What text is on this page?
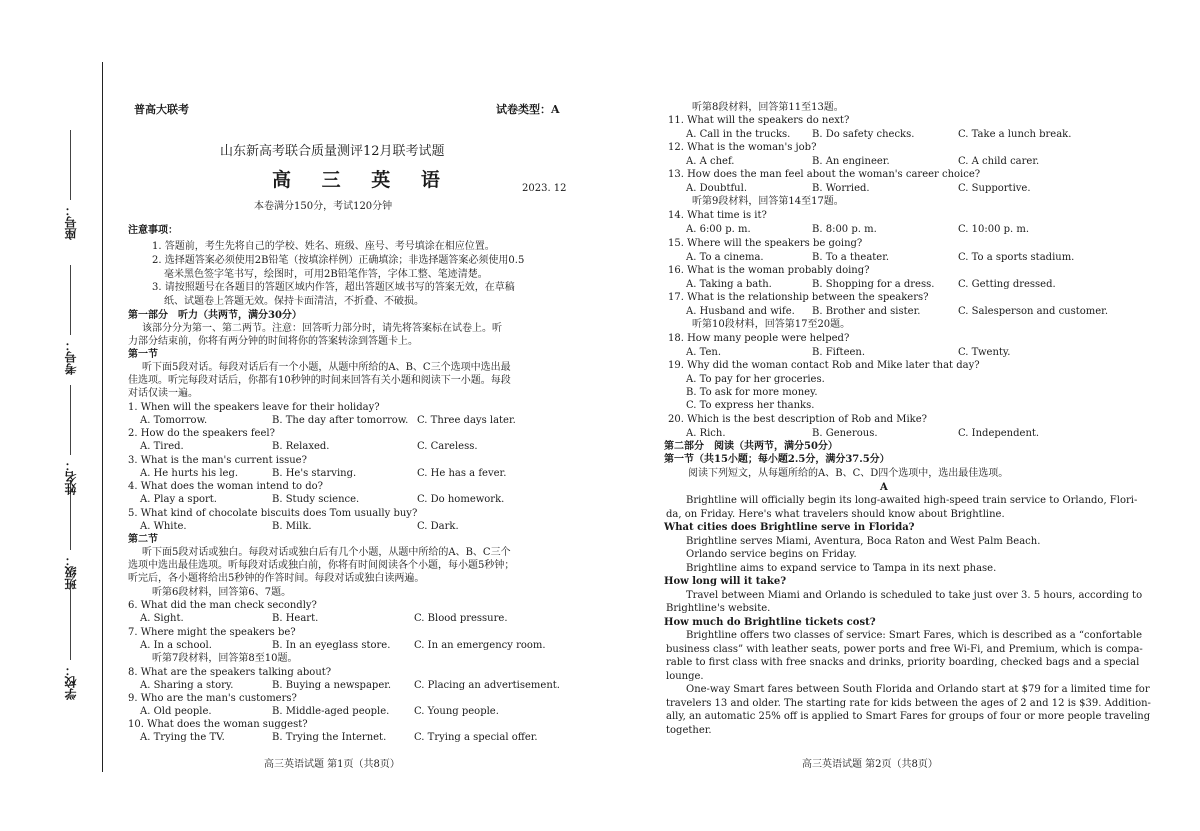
学校：
班级：
姓名：
考号：
座号：
普高大联考	试卷类型：A
山东新高考联合质量测评12月联考试题
高 三 英 语	2023. 12
本卷满分150分，考试120分钟
注意事项：
1. 答题前，考生先将自己的学校、姓名、班级、座号、考号填涂在相应位置。
2. 选择题答案必须使用2B铅笔（按填涂样例）正确填涂；非选择题答案必须使用0.5
毫米黑色签字笔书写，绘图时，可用2B铅笔作答，字体工整、笔迹清楚。
3. 请按照题号在各题目的答题区域内作答，超出答题区域书写的答案无效，在草稿
纸、试题卷上答题无效。保持卡面清洁，不折叠、不破损。
第一部分　听力（共两节，满分30分）
该部分分为第一、第二两节。注意：回答听力部分时，请先将答案标在试卷上。听
力部分结束前，你将有两分钟的时间将你的答案转涂到答题卡上。
第一节
听下面5段对话。每段对话后有一个小题，从题中所给的A、B、C三个选项中选出最
佳选项。听完每段对话后，你都有10秒钟的时间来回答有关小题和阅读下一小题。每段
对话仅读一遍。
1. When will the speakers leave for their holiday?
A. Tomorrow.	B. The day after tomorrow. C. Three days later.
2. How do the speakers feel?
A. Tired.	B. Relaxed.	C. Careless.
3. What is the man's current issue?
A. He hurts his leg.	B. He's starving.	C. He has a fever.
4. What does the woman intend to do?
A. Play a sport.	B. Study science.	C. Do homework.
5. What kind of chocolate biscuits does Tom usually buy?
A. White.	B. Milk.	C. Dark.
第二节
听下面5段对话或独白。每段对话或独白后有几个小题，从题中所给的A、B、C三个
选项中选出最佳选项。听每段对话或独白前，你将有时间阅读各个小题，每小题5秒钟；
听完后，各小题将给出5秒钟的作答时间。每段对话或独白读两遍。
听第6段材料，回答第6、7题。
6. What did the man check secondly?
A. Sight.	B. Heart.	C. Blood pressure.
7. Where might the speakers be?
A. In a school.	B. In an eyeglass store. C. In an emergency room.
听第7段材料，回答第8至10题。
8. What are the speakers talking about?
A. Sharing a story.	B. Buying a newspaper. C. Placing an advertisement.
9. Who are the man's customers?
A. Old people.	B. Middle-aged people. C. Young people.
10. What does the woman suggest?
A. Trying the TV.	B. Trying the Internet.	C. Trying a special offer.
高三英语试题 第1页（共8页）
听第8段材料，回答第11至13题。
11. What will the speakers do next?
A. Call in the trucks. B. Do safety checks.	C. Take a lunch break.
12. What is the woman's job?
A. A chef.	B. An engineer.	C. A child carer.
13. How does the man feel about the woman's career choice?
A. Doubtful.	B. Worried.	C. Supportive.
听第9段材料，回答第14至17题。
14. What time is it?
A. 6:00 p. m.	B. 8:00 p. m.	C. 10:00 p. m.
15. Where will the speakers be going?
A. To a cinema.	B. To a theater.	C. To a sports stadium.
16. What is the woman probably doing?
A. Taking a bath.	B. Shopping for a dress. C. Getting dressed.
17. What is the relationship between the speakers?
A. Husband and wife. B. Brother and sister.	C. Salesperson and customer.
听第10段材料，回答第17至20题。
18. How many people were helped?
A. Ten.	B. Fifteen.	C. Twenty.
19. Why did the woman contact Rob and Mike later that day?
A. To pay for her groceries.
B. To ask for more money.
C. To express her thanks.
20. Which is the best description of Rob and Mike?
A. Rich.	B. Generous.	C. Independent.
第二部分　阅读（共两节，满分50分）
第一节（共15小题；每小题2.5分，满分37.5分）
阅读下列短文，从每题所给的A、B、C、D四个选项中，选出最佳选项。
A
Brightline will officially begin its long-awaited high-speed train service to Orlando, Flori-
da, on Friday. Here's what travelers should know about Brightline.
What cities does Brightline serve in Florida?
Brightline serves Miami, Aventura, Boca Raton and West Palm Beach.
Orlando service begins on Friday.
Brightline aims to expand service to Tampa in its next phase.
How long will it take?
Travel between Miami and Orlando is scheduled to take just over 3. 5 hours, according to
Brightline's website.
How much do Brightline tickets cost?
Brightline offers two classes of service: Smart Fares, which is described as a “confortable
business class” with leather seats, power ports and free Wi-Fi, and Premium, which is compa-
rable to first class with free snacks and drinks, priority boarding, checked bags and a special
lounge.
One-way Smart fares between South Florida and Orlando start at $79 for a limited time for
travelers 13 and older. The starting rate for kids between the ages of 2 and 12 is $39. Addition-
ally, an automatic 25% off is applied to Smart Fares for groups of four or more people traveling
together.
高三英语试题 第2页（共8页）
